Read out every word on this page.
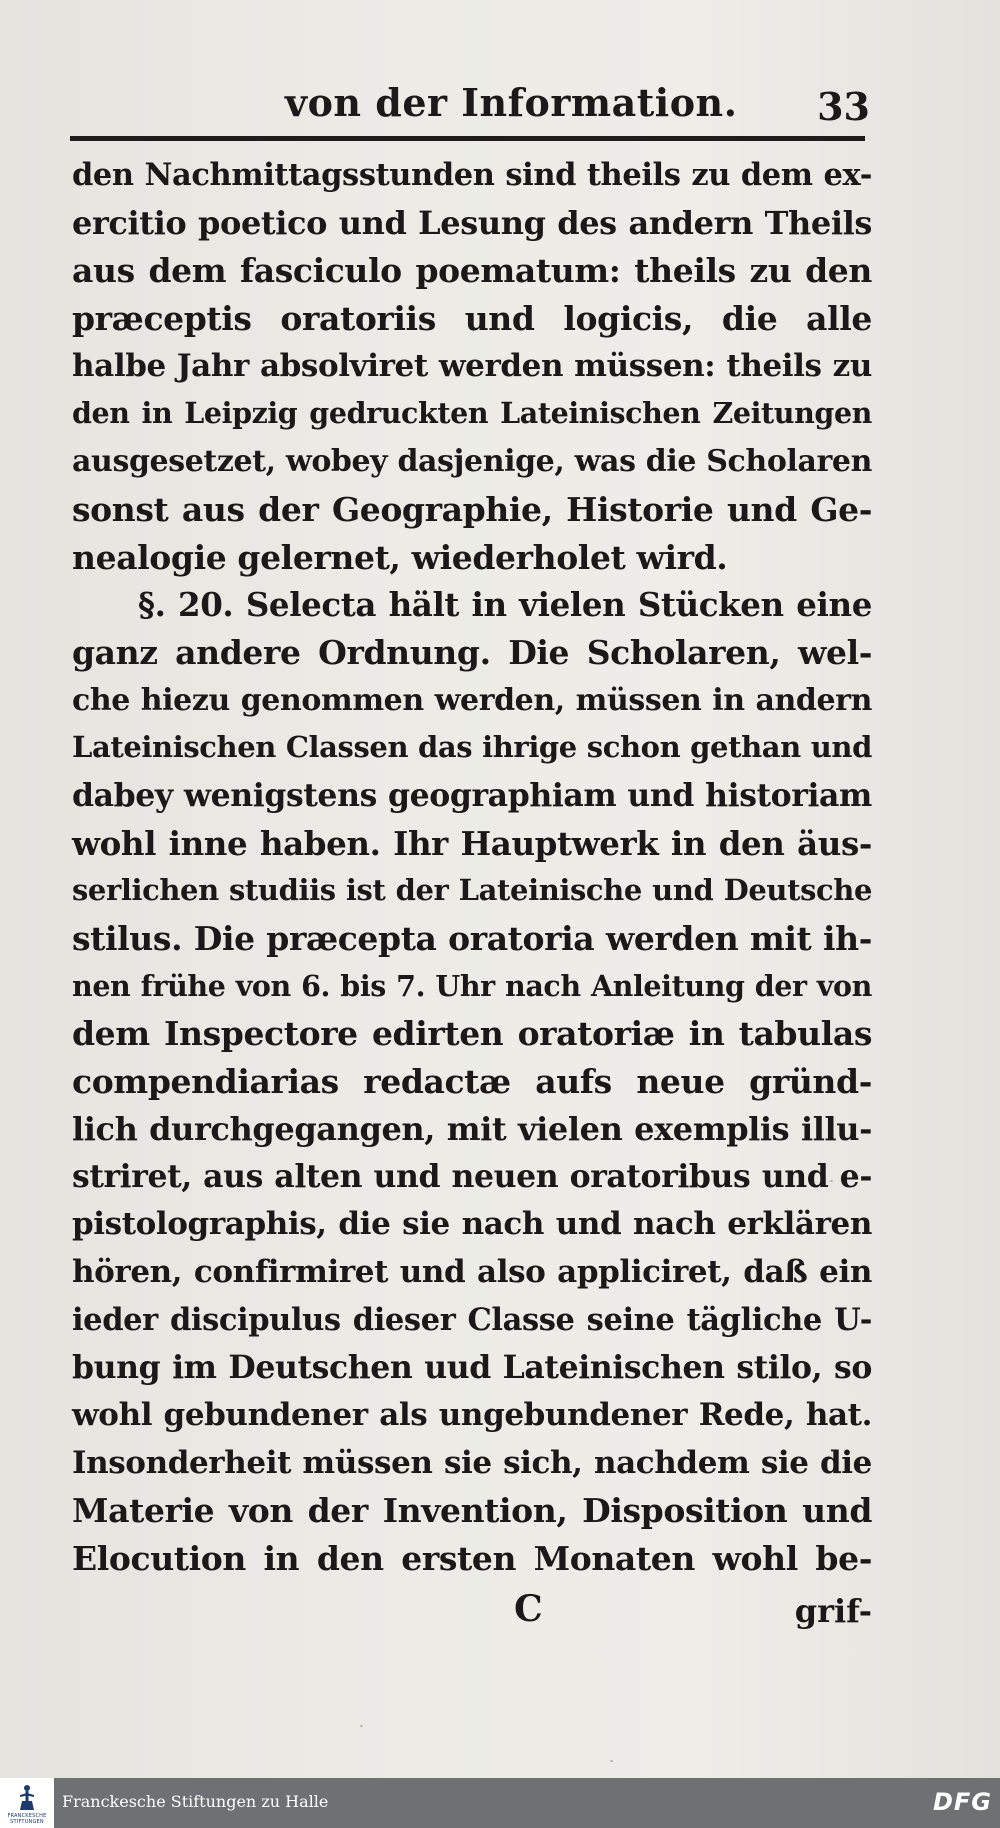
von der Information. 33
den Nachmittagsstunden sind theils zu dem ex-
ercitio poetico und Lesung des andern Theils
aus dem fasciculo poematum: theils zu den
præceptis oratoriis und logicis, die alle
halbe Jahr absolviret werden müssen: theils zu
den in Leipzig gedruckten Lateinischen Zeitungen
ausgesetzet, wobey dasjenige, was die Scholaren
sonst aus der Geographie, Historie und Ge-
nealogie gelernet, wiederholet wird.
§. 20. Selecta hält in vielen Stücken eine
ganz andere Ordnung. Die Scholaren, wel-
che hiezu genommen werden, müssen in andern
Lateinischen Classen das ihrige schon gethan und
dabey wenigstens geographiam und historiam
wohl inne haben. Ihr Hauptwerk in den äus-
serlichen studiis ist der Lateinische und Deutsche
stilus. Die præcepta oratoria werden mit ih-
nen frühe von 6. bis 7. Uhr nach Anleitung der von
dem Inspectore edirten oratoriæ in tabulas
compendiarias redactæ aufs neue gründ-
lich durchgegangen, mit vielen exemplis illu-
striret, aus alten und neuen oratoribus und e-
pistolographis, die sie nach und nach erklären
hören, confirmiret und also appliciret, daß ein
ieder discipulus dieser Classe seine tägliche U-
bung im Deutschen uud Lateinischen stilo, so
wohl gebundener als ungebundener Rede, hat.
Insonderheit müssen sie sich, nachdem sie die
Materie von der Invention, Disposition und
Elocution in den ersten Monaten wohl be-
C	grif-
FRANCKESCHE STIFTUNGEN
Franckesche Stiftungen zu Halle	DFG
